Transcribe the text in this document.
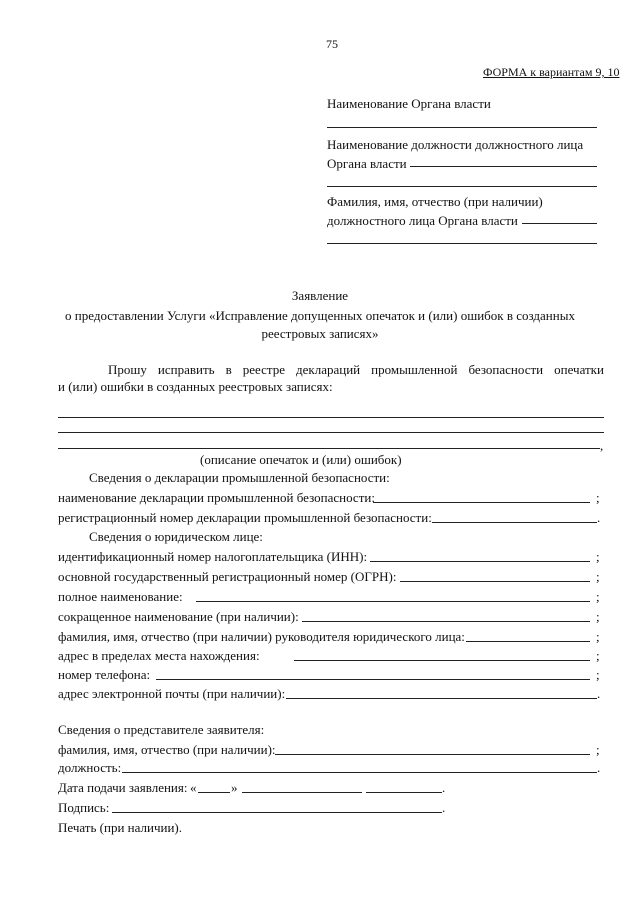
75
ФОРМА к вариантам 9, 10
Наименование Органа власти
Наименование должности должностного лица
Органа власти
Фамилия, имя, отчество (при наличии)
должностного лица Органа власти
Заявление
о предоставлении Услуги «Исправление допущенных опечаток и (или) ошибок в созданных
реестровых записях»
Прошу исправить в реестре деклараций промышленной безопасности опечатки
и (или) ошибки в созданных реестровых записях:
,
(описание опечаток и (или) ошибок)
Сведения о декларации промышленной безопасности:
наименование декларации промышленной безопасности:	;
регистрационный номер декларации промышленной безопасности:	.
Сведения о юридическом лице:
идентификационный номер налогоплательщика (ИНН):	;
основной государственный регистрационный номер (ОГРН):	;
полное наименование:	;
сокращенное наименование (при наличии):	;
фамилия, имя, отчество (при наличии) руководителя юридического лица:	;
адрес в пределах места нахождения:	;
номер телефона:	;
адрес электронной почты (при наличии):	.
Сведения о представителе заявителя:
фамилия, имя, отчество (при наличии):	;
должность:	.
Дата подачи заявления: «	»	.
Подпись:	.
Печать (при наличии).
